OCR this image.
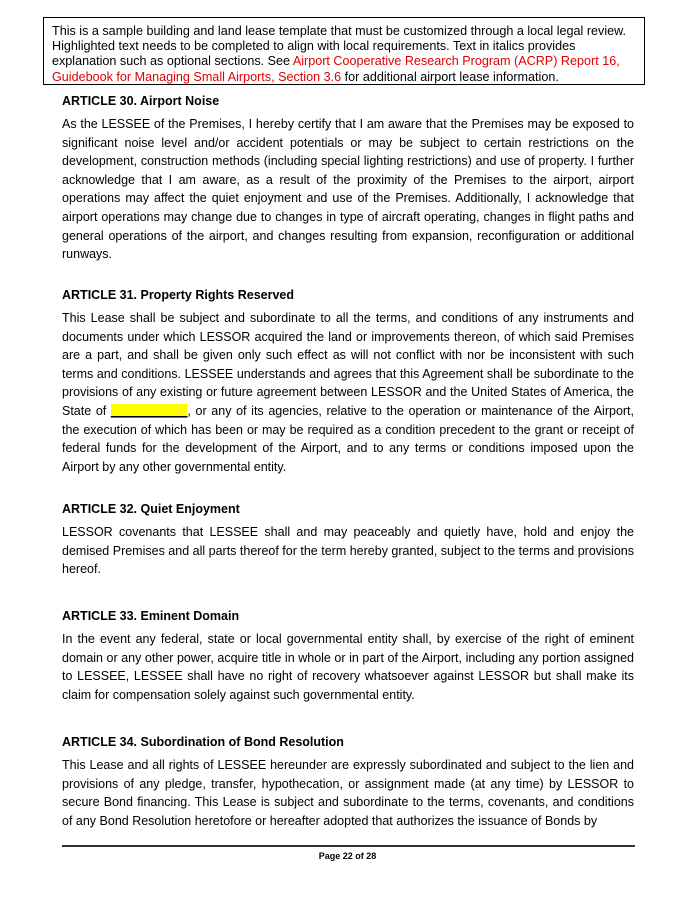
This is a sample building and land lease template that must be customized through a local legal review. Highlighted text needs to be completed to align with local requirements. Text in italics provides explanation such as optional sections. See Airport Cooperative Research Program (ACRP) Report 16, Guidebook for Managing Small Airports, Section 3.6 for additional airport lease information.

ARTICLE 30. Airport Noise

As the LESSEE of the Premises, I hereby certify that I am aware that the Premises may be exposed to significant noise level and/or accident potentials or may be subject to certain restrictions on the development, construction methods (including special lighting restrictions) and use of property. I further acknowledge that I am aware, as a result of the proximity of the Premises to the airport, airport operations may affect the quiet enjoyment and use of the Premises. Additionally, I acknowledge that airport operations may change due to changes in type of aircraft operating, changes in flight paths and general operations of the airport, and changes resulting from expansion, reconfiguration or additional runways.

ARTICLE 31. Property Rights Reserved

This Lease shall be subject and subordinate to all the terms, and conditions of any instruments and documents under which LESSOR acquired the land or improvements thereon, of which said Premises are a part, and shall be given only such effect as will not conflict with nor be inconsistent with such terms and conditions. LESSEE understands and agrees that this Agreement shall be subordinate to the provisions of any existing or future agreement between LESSOR and the United States of America, the State of ___________, or any of its agencies, relative to the operation or maintenance of the Airport, the execution of which has been or may be required as a condition precedent to the grant or receipt of federal funds for the development of the Airport, and to any terms or conditions imposed upon the Airport by any other governmental entity.

ARTICLE 32. Quiet Enjoyment

LESSOR covenants that LESSEE shall and may peaceably and quietly have, hold and enjoy the demised Premises and all parts thereof for the term hereby granted, subject to the terms and provisions hereof.

ARTICLE 33. Eminent Domain

In the event any federal, state or local governmental entity shall, by exercise of the right of eminent domain or any other power, acquire title in whole or in part of the Airport, including any portion assigned to LESSEE, LESSEE shall have no right of recovery whatsoever against LESSOR but shall make its claim for compensation solely against such governmental entity.

ARTICLE 34. Subordination of Bond Resolution

This Lease and all rights of LESSEE hereunder are expressly subordinated and subject to the lien and provisions of any pledge, transfer, hypothecation, or assignment made (at any time) by LESSOR to secure Bond financing. This Lease is subject and subordinate to the terms, covenants, and conditions of any Bond Resolution heretofore or hereafter adopted that authorizes the issuance of Bonds by

Page 22 of 28
